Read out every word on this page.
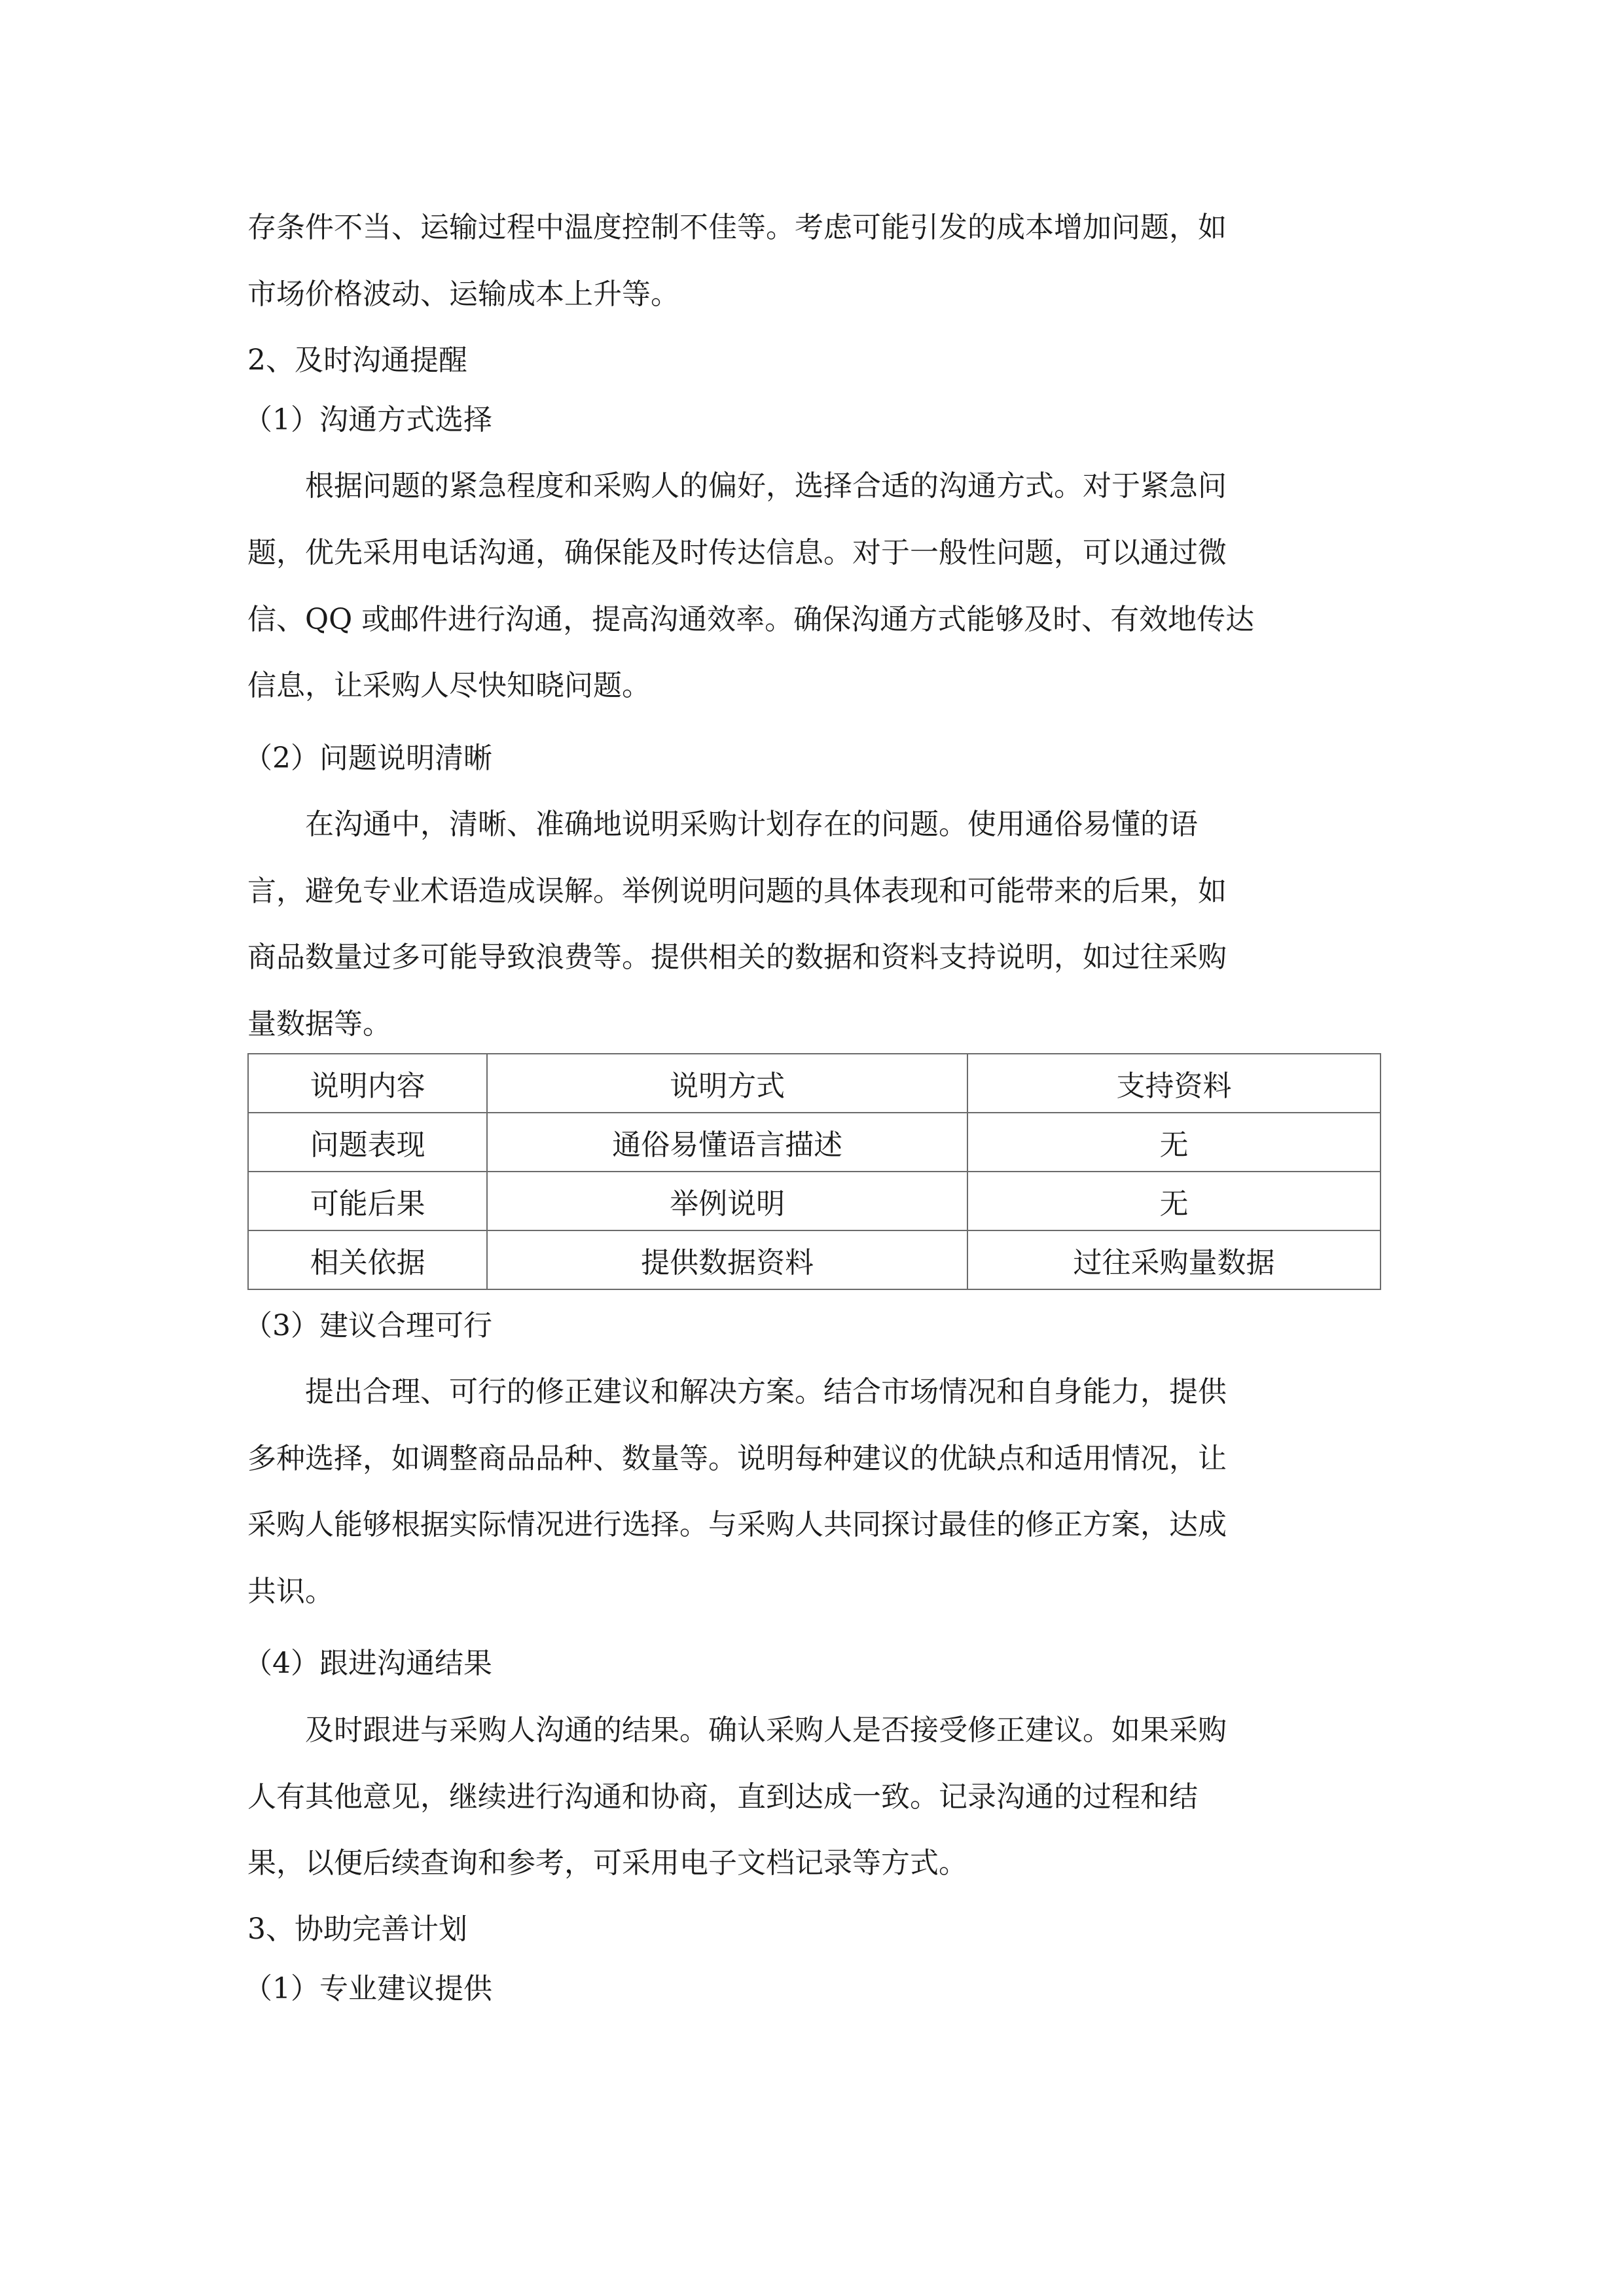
存条件不当、运输过程中温度控制不佳等。考虑可能引发的成本增加问题，如

市场价格波动、运输成本上升等。

2、及时沟通提醒

（1）沟通方式选择

根据问题的紧急程度和采购人的偏好，选择合适的沟通方式。对于紧急问

题，优先采用电话沟通，确保能及时传达信息。对于一般性问题，可以通过微

信、QQ 或邮件进行沟通，提高沟通效率。确保沟通方式能够及时、有效地传达

信息，让采购人尽快知晓问题。

（2）问题说明清晰

在沟通中，清晰、准确地说明采购计划存在的问题。使用通俗易懂的语

言，避免专业术语造成误解。举例说明问题的具体表现和可能带来的后果，如

商品数量过多可能导致浪费等。提供相关的数据和资料支持说明，如过往采购

量数据等。

说明内容	说明方式	支持资料
问题表现	通俗易懂语言描述	无
可能后果	举例说明	无
相关依据	提供数据资料	过往采购量数据

（3）建议合理可行

提出合理、可行的修正建议和解决方案。结合市场情况和自身能力，提供

多种选择，如调整商品品种、数量等。说明每种建议的优缺点和适用情况，让

采购人能够根据实际情况进行选择。与采购人共同探讨最佳的修正方案，达成

共识。

（4）跟进沟通结果

及时跟进与采购人沟通的结果。确认采购人是否接受修正建议。如果采购

人有其他意见，继续进行沟通和协商，直到达成一致。记录沟通的过程和结

果，以便后续查询和参考，可采用电子文档记录等方式。

3、协助完善计划

（1）专业建议提供
